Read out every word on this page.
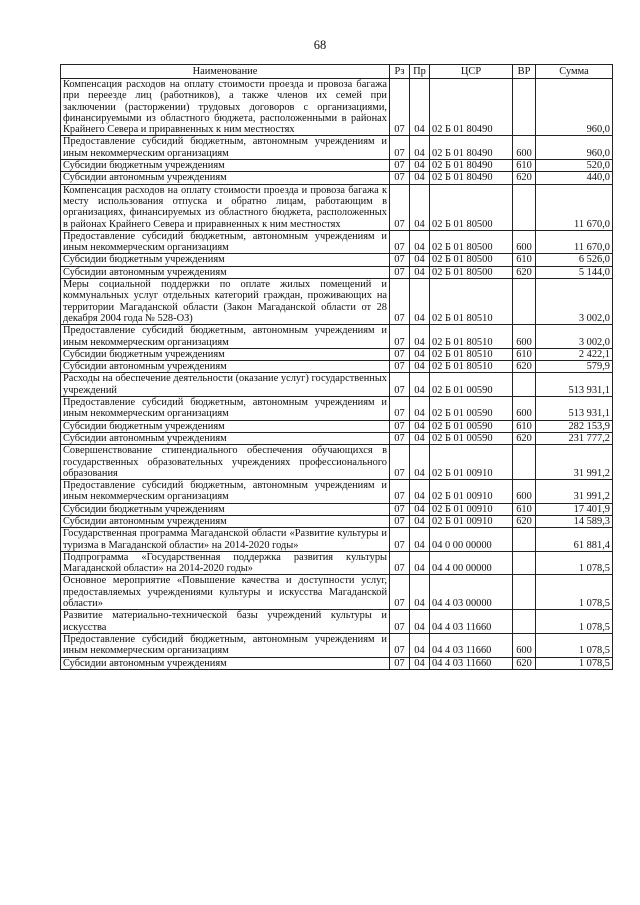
68
Наименование	Рз	Пр	ЦСР	ВР	Сумма
Компенсация расходов на оплату стоимости проезда и провоза багажа при переезде лиц (работников), а также членов их семей при заключении (расторжении) трудовых договоров с организациями, финансируемыми из областного бюджета, расположенными в районах Крайнего Севера и приравненных к ним местностях	07	04	02 Б 01 80490		960,0
Предоставление субсидий бюджетным, автономным учреждениям и иным некоммерческим организациям	07	04	02 Б 01 80490	600	960,0
Субсидии бюджетным учреждениям	07	04	02 Б 01 80490	610	520,0
Субсидии автономным учреждениям	07	04	02 Б 01 80490	620	440,0
Компенсация расходов на оплату стоимости проезда и провоза багажа к месту использования отпуска и обратно лицам, работающим в организациях, финансируемых из областного бюджета, расположенных в районах Крайнего Севера и приравненных к ним местностях	07	04	02 Б 01 80500		11 670,0
Предоставление субсидий бюджетным, автономным учреждениям и иным некоммерческим организациям	07	04	02 Б 01 80500	600	11 670,0
Субсидии бюджетным учреждениям	07	04	02 Б 01 80500	610	6 526,0
Субсидии автономным учреждениям	07	04	02 Б 01 80500	620	5 144,0
Меры социальной поддержки по оплате жилых помещений и коммунальных услуг отдельных категорий граждан, проживающих на территории Магаданской области (Закон Магаданской области от 28 декабря 2004 года № 528-ОЗ)	07	04	02 Б 01 80510		3 002,0
Предоставление субсидий бюджетным, автономным учреждениям и иным некоммерческим организациям	07	04	02 Б 01 80510	600	3 002,0
Субсидии бюджетным учреждениям	07	04	02 Б 01 80510	610	2 422,1
Субсидии автономным учреждениям	07	04	02 Б 01 80510	620	579,9
Расходы на обеспечение деятельности (оказание услуг) государственных учреждений	07	04	02 Б 01 00590		513 931,1
Предоставление субсидий бюджетным, автономным учреждениям и иным некоммерческим организациям	07	04	02 Б 01 00590	600	513 931,1
Субсидии бюджетным учреждениям	07	04	02 Б 01 00590	610	282 153,9
Субсидии автономным учреждениям	07	04	02 Б 01 00590	620	231 777,2
Совершенствование стипендиального обеспечения обучающихся в государственных образовательных учреждениях профессионального образования	07	04	02 Б 01 00910		31 991,2
Предоставление субсидий бюджетным, автономным учреждениям и иным некоммерческим организациям	07	04	02 Б 01 00910	600	31 991,2
Субсидии бюджетным учреждениям	07	04	02 Б 01 00910	610	17 401,9
Субсидии автономным учреждениям	07	04	02 Б 01 00910	620	14 589,3
Государственная программа Магаданской области «Развитие культуры и туризма в Магаданской области» на 2014-2020 годы»	07	04	04 0 00 00000		61 881,4
Подпрограмма «Государственная поддержка развития культуры Магаданской области» на 2014-2020 годы»	07	04	04 4 00 00000		1 078,5
Основное мероприятие «Повышение качества и доступности услуг, предоставляемых учреждениями культуры и искусства Магаданской области»	07	04	04 4 03 00000		1 078,5
Развитие материально-технической базы учреждений культуры и искусства	07	04	04 4 03 11660		1 078,5
Предоставление субсидий бюджетным, автономным учреждениям и иным некоммерческим организациям	07	04	04 4 03 11660	600	1 078,5
Субсидии автономным учреждениям	07	04	04 4 03 11660	620	1 078,5
